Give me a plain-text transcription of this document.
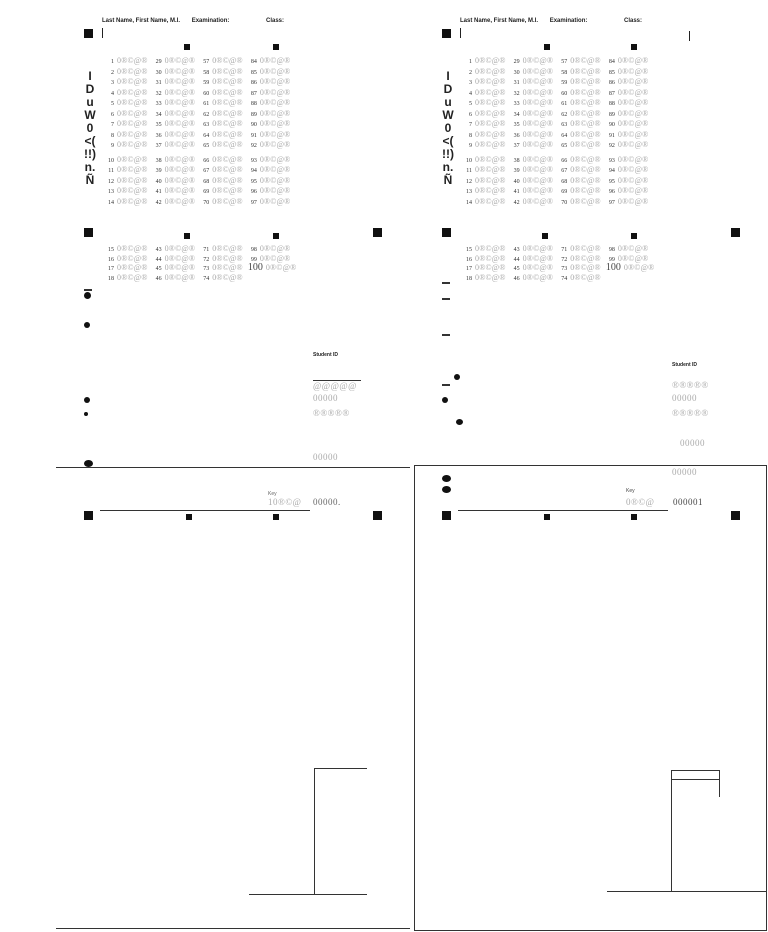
Last Name, First Name, M.I. Examination:	Class:
I
D
u
W
0
<(
!!)
n.
Ñ
1 0®©@® 29 0®©@® 57 0®©@® 84 0®©@®
2 0®©@® 30 0®©@® 58 0®©@® 85 0®©@®
3 0®©@® 31 0®©@® 59 0®©@® 86 0®©@®
4 0®©@® 32 0®©@® 60 0®©@® 87 0®©@®
5 0®©@® 33 0®©@® 61 0®©@® 88 0®©@®
6 0®©@® 34 0®©@® 62 0®©@® 89 0®©@®
7 0®©@® 35 0®©@® 63 0®©@® 90 0®©@®
8 0®©@® 36 0®©@® 64 0®©@® 91 0®©@®
9 0®©@® 37 0®©@® 65 0®©@® 92 0®©@®
10 0®©@® 38 0®©@® 66 0®©@® 93 0®©@®
11 0®©@® 39 0®©@® 67 0®©@® 94 0®©@®
12 0®©@® 40 0®©@® 68 0®©@® 95 0®©@®
13 0®©@® 41 0®©@® 69 0®©@® 96 0®©@®
14 0®©@® 42 0®©@® 70 0®©@® 97 0®©@®
15 0®©@® 43 0®©@® 71 0®©@® 98 0®©@®
16 0®©@® 44 0®©@® 72 0®©@® 99 0®©@®
17 0®©@® 45 0®©@® 73 0®©@® 100 0®©@®
18 0®©@® 46 0®©@® 74 0®©@®
Student ID
@@@@@
00000
®®®®®
00000
Key
10®©@ 00000.
Last Name, First Name, M.I. Examination:	Class:
I
D
u
W
0
<(
!!)
n.
Ñ
1 0®©@® 29 0®©@® 57 0®©@® 84 0®©@®
2 0®©@® 30 0®©@® 58 0®©@® 85 0®©@®
3 0®©@® 31 0®©@® 59 0®©@® 86 0®©@®
4 0®©@® 32 0®©@® 60 0®©@® 87 0®©@®
5 0®©@® 33 0®©@® 61 0®©@® 88 0®©@®
6 0®©@® 34 0®©@® 62 0®©@® 89 0®©@®
7 0®©@® 35 0®©@® 63 0®©@® 90 0®©@®
8 0®©@® 36 0®©@® 64 0®©@® 91 0®©@®
9 0®©@® 37 0®©@® 65 0®©@® 92 0®©@®
10 0®©@® 38 0®©@® 66 0®©@® 93 0®©@®
11 0®©@® 39 0®©@® 67 0®©@® 94 0®©@®
12 0®©@® 40 0®©@® 68 0®©@® 95 0®©@®
13 0®©@® 41 0®©@® 69 0®©@® 96 0®©@®
14 0®©@® 42 0®©@® 70 0®©@® 97 0®©@®
15 0®©@® 43 0®©@® 71 0®©@® 98 0®©@®
16 0®©@® 44 0®©@® 72 0®©@® 99 0®©@®
17 0®©@® 45 0®©@® 73 0®©@® 100 0®©@®
18 0®©@® 46 0®©@® 74 0®©@®
Student ID
®®®®®
00000
®®®®®
00000
00000
Key
0®©@ 000001
